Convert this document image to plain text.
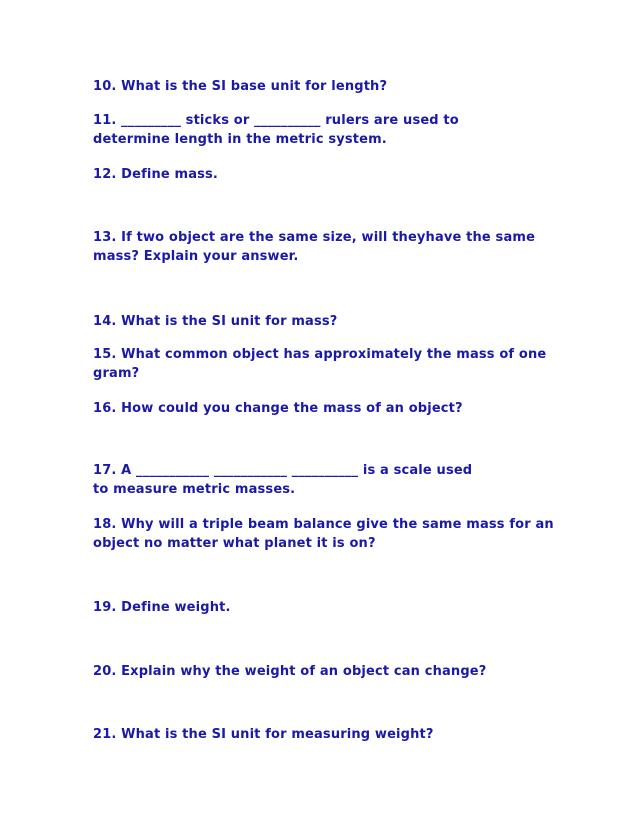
10. What is the SI base unit for length?

11. _________ sticks or __________ rulers are used to
determine length in the metric system.

12. Define mass.

13. If two object are the same size, will theyhave the same
mass? Explain your answer.

14. What is the SI unit for mass?

15. What common object has approximately the mass of one
gram?

16. How could you change the mass of an object?

17. A ___________ ___________ __________ is a scale used
to measure metric masses.

18. Why will a triple beam balance give the same mass for an
object no matter what planet it is on?

19. Define weight.

20. Explain why the weight of an object can change?

21. What is the SI unit for measuring weight?
